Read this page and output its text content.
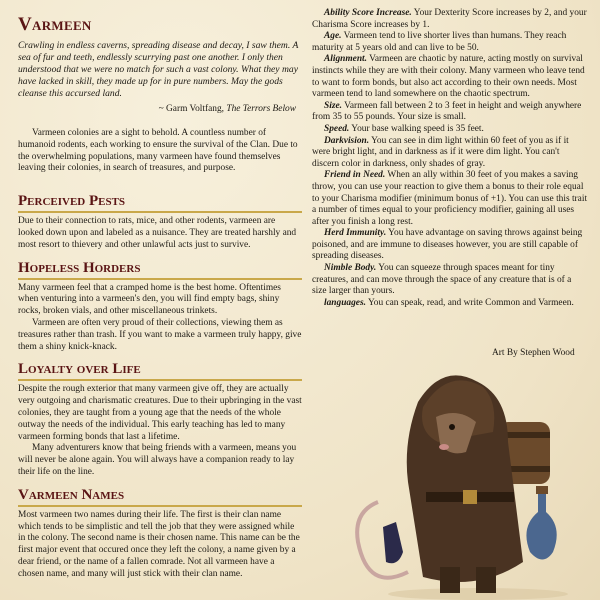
Varmeen

Crawling in endless caverns, spreading disease and decay, I saw them. A sea of fur and teeth, endlessly scurrying past one another. I only then understood that we were no match for such a vast colony. What they may have lacked in skill, they made up for in pure numbers. May the gods cleanse this accursed land.

~ Garm Voltfang, The Terrors Below

Varmeen colonies are a sight to behold. A countless number of humanoid rodents, each working to ensure the survival of the Clan. Due to the overwhelming populations, many varmeen have found themselves leaving their colonies, in search of treasures, and purpose.

Perceived Pests

Due to their connection to rats, mice, and other rodents, varmeen are looked down upon and labeled as a nuisance. They are treated harshly and most resort to thievery and other unlawful acts just to survive.

Hopeless Horders

Many varmeen feel that a cramped home is the best home. Oftentimes when venturing into a varmeen's den, you will find empty bags, shiny rocks, broken vials, and other miscellaneous trinkets.

Varmeen are often very proud of their collections, viewing them as treasures rather than trash. If you want to make a varmeen truly happy, give them a shiny knick-knack.

Loyalty over Life

Despite the rough exterior that many varmeen give off, they are actually very outgoing and charismatic creatures. Due to their upbringing in the vast colonies, they are taught from a young age that the needs of the whole outway the needs of the individual. This early teaching has led to many varmeen forming bonds that last a lifetime.

Many adventurers know that being friends with a varmeen, means you will never be alone again. You will always have a companion ready to lay their life on the line.

Varmeen Names

Most varmeen two names during their life. The first is their clan name which tends to be simplistic and tell the job that they were assigned while in the colony. The second name is their chosen name. This name can be the first major event that occured once they left the colony, a name given by a dear friend, or the name of a fallen comrade. Not all varmeen have a chosen name, and many will just stick with their clan name.

Ability Score Increase. Your Dexterity Score increases by 2, and your Charisma Score increases by 1.

Age. Varmeen tend to live shorter lives than humans. They reach maturity at 5 years old and can live to be 50.

Alignment. Varmeen are chaotic by nature, acting mostly on survival instincts while they are with their colony. Many varmeen who leave tend to want to form bonds, but also act according to their own needs. Most varmeen tend to land somewhere on the chaotic spectrum.

Size. Varmeen fall between 2 to 3 feet in height and weigh anywhere from 35 to 55 pounds. Your size is small.

Speed. Your base walking speed is 35 feet.

Darkvision. You can see in dim light within 60 feet of you as if it were bright light, and in darkness as if it were dim light. You can't discern color in darkness, only shades of gray.

Friend in Need. When an ally within 30 feet of you makes a saving throw, you can use your reaction to give them a bonus to their role equal to your Charisma modifier (minimum bonus of +1). You can use this trait a number of times equal to your proficiency modifier, gaining all uses after you finish a long rest.

Herd Immunity. You have advantage on saving throws against being poisoned, and are immune to diseases however, you are still capable of spreading diseases.

Nimble Body. You can squeeze through spaces meant for tiny creatures, and can move through the space of any creature that is of a size larger than yours.

languages. You can speak, read, and write Common and Varmeen.

Art By Stephen Wood
